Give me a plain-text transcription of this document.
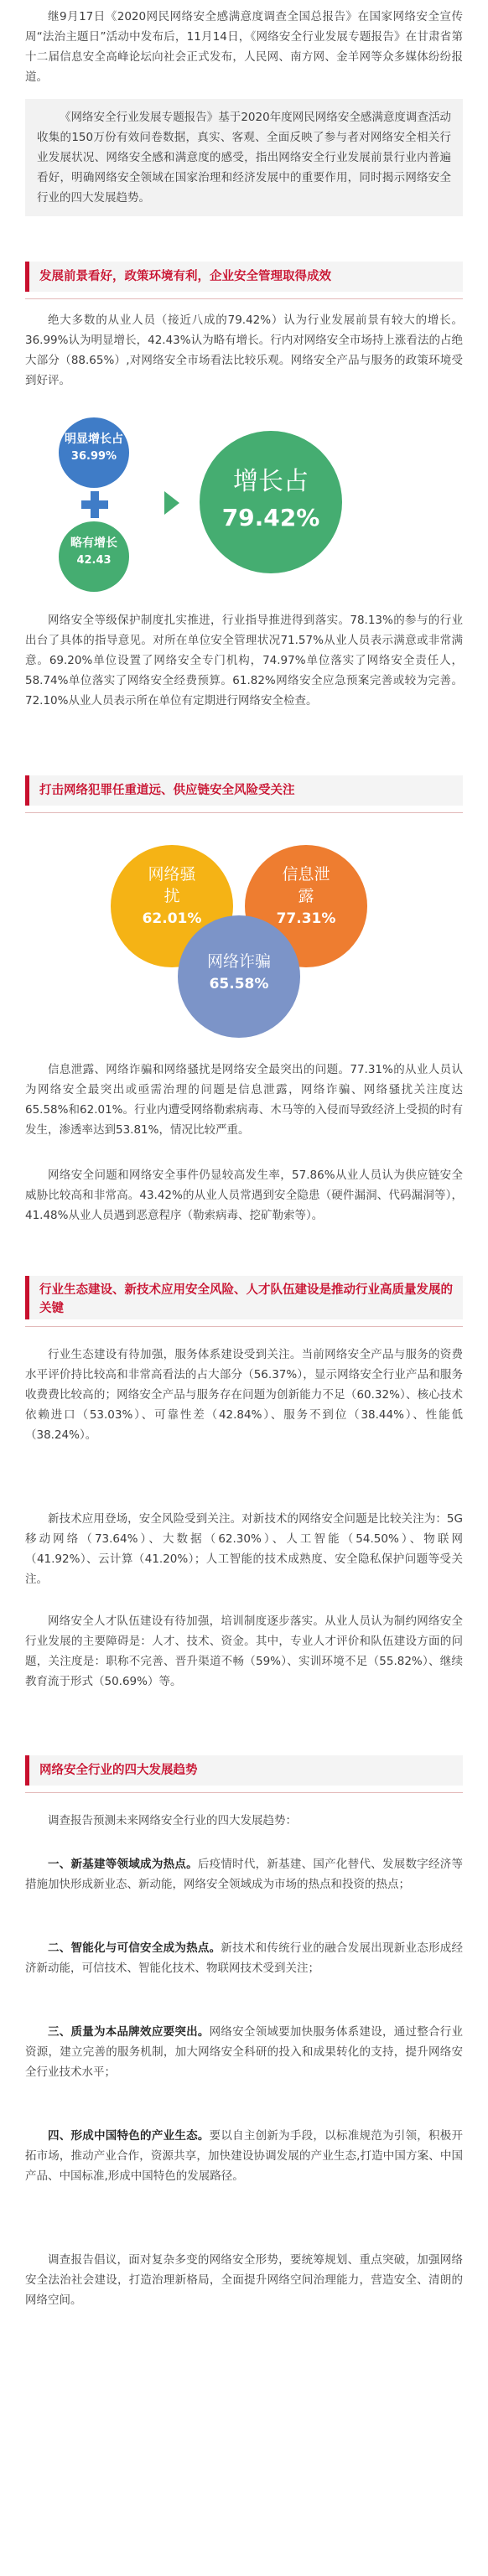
继9月17日《2020网民网络安全感满意度调查全国总报告》在国家网络安全宣传周“法治主题日”活动中发布后，11月14日，《网络安全行业发展专题报告》在甘肃省第十二届信息安全高峰论坛向社会正式发布，人民网、南方网、金羊网等众多媒体纷纷报道。

《网络安全行业发展专题报告》基于2020年度网民网络安全感满意度调查活动收集的150万份有效问卷数据，真实、客观、全面反映了参与者对网络安全相关行业发展状况、网络安全感和满意度的感受，指出网络安全行业发展前景行业内普遍看好，明确网络安全领域在国家治理和经济发展中的重要作用，同时揭示网络安全行业的四大发展趋势。
发展前景看好，政策环境有利，企业安全管理取得成效

绝大多数的从业人员（接近八成的79.42%）认为行业发展前景有较大的增长。36.99%认为明显增长，42.43%认为略有增长。行内对网络安全市场持上涨看法的占绝大部分（88.65%）,对网络安全市场看法比较乐观。网络安全产品与服务的政策环境受到好评。

明显增长占
36.99%
略有增长
42.43
增长占
79.42%

网络安全等级保护制度扎实推进，行业指导推进得到落实。78.13%的参与的行业出台了具体的指导意见。对所在单位安全管理状况71.57%从业人员表示满意或非常满意。69.20%单位设置了网络安全专门机构，74.97%单位落实了网络安全责任人，58.74%单位落实了网络安全经费预算。61.82%网络安全应急预案完善或较为完善。72.10%从业人员表示所在单位有定期进行网络安全检查。

打击网络犯罪任重道远、供应链安全风险受关注
网络骚扰
62.01%
信息泄露
77.31%
网络诈骗
65.58%

信息泄露、网络诈骗和网络骚扰是网络安全最突出的问题。77.31%的从业人员认为网络安全最突出或亟需治理的问题是信息泄露，网络诈骗、网络骚扰关注度达65.58%和62.01%。行业内遭受网络勒索病毒、木马等的入侵而导致经济上受损的时有发生，渗透率达到53.81%，情况比较严重。

网络安全问题和网络安全事件仍显较高发生率，57.86%从业人员认为供应链安全威胁比较高和非常高。43.42%的从业人员常遇到安全隐患（硬件漏洞、代码漏洞等），41.48%从业人员遇到恶意程序（勒索病毒、挖矿勒索等）。

行业生态建设、新技术应用安全风险、人才队伍建设是推动行业高质量发展的关键

行业生态建设有待加强，服务体系建设受到关注。当前网络安全产品与服务的资费水平评价持比较高和非常高看法的占大部分（56.37%），显示网络安全行业产品和服务收费费比较高的；网络安全产品与服务存在问题为创新能力不足（60.32%）、核心技术依赖进口（53.03%）、可靠性差（42.84%）、服务不到位（38.44%）、性能低（38.24%）。

新技术应用登场，安全风险受到关注。对新技术的网络安全问题是比较关注为：5G移动网络（73.64%）、大数据（62.30%）、人工智能（54.50%）、物联网（41.92%）、云计算（41.20%）；人工智能的技术成熟度、安全隐私保护问题等受关注。

网络安全人才队伍建设有待加强，培训制度逐步落实。从业人员认为制约网络安全行业发展的主要障碍是：人才、技术、资金。其中，专业人才评价和队伍建设方面的问题，关注度是：职称不完善、晋升渠道不畅（59%）、实训环境不足（55.82%）、继续教育流于形式（50.69%）等。

网络安全行业的四大发展趋势

调查报告预测未来网络安全行业的四大发展趋势：

一、新基建等领域成为热点。后疫情时代，新基建、国产化替代、发展数字经济等措施加快形成新业态、新动能，网络安全领域成为市场的热点和投资的热点；

二、智能化与可信安全成为热点。新技术和传统行业的融合发展出现新业态形成经济新动能，可信技术、智能化技术、物联网技术受到关注；

三、质量为本品牌效应要突出。网络安全领域要加快服务体系建设，通过整合行业资源，建立完善的服务机制，加大网络安全科研的投入和成果转化的支持，提升网络安全行业技术水平；

四、形成中国特色的产业生态。要以自主创新为手段，以标准规范为引领，积极开拓市场，推动产业合作，资源共享，加快建设协调发展的产业生态,打造中国方案、中国产品、中国标准,形成中国特色的发展路径。

调查报告倡议，面对复杂多变的网络安全形势，要统筹规划、重点突破，加强网络安全法治社会建设，打造治理新格局，全面提升网络空间治理能力，营造安全、清朗的网络空间。
